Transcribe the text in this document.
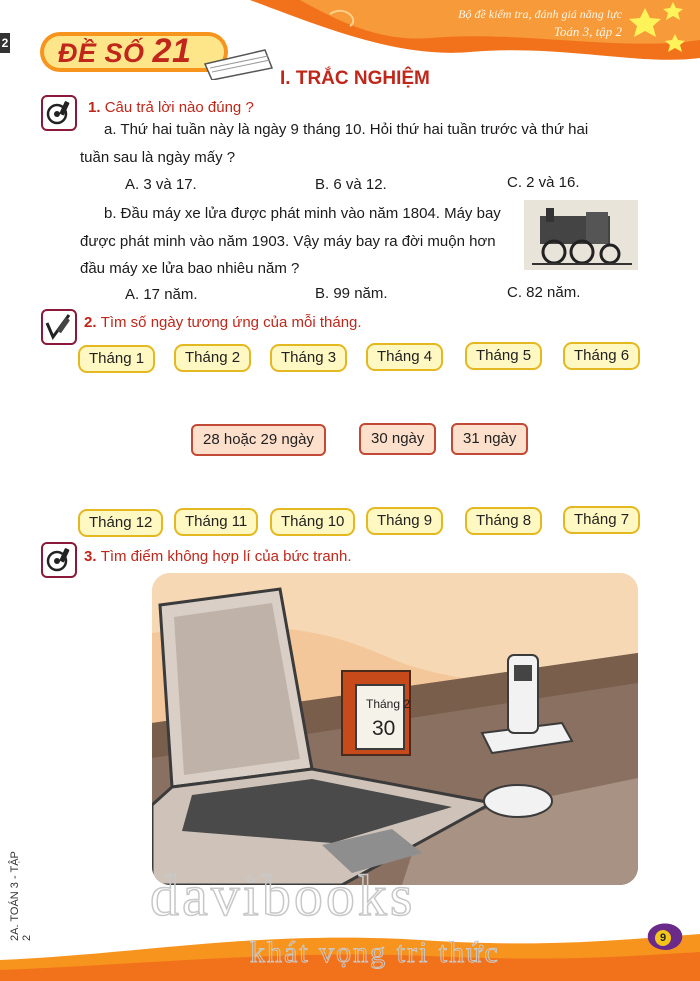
Bộ đề kiểm tra, đánh giá năng lực
Toán 3, tập 2
2 ĐỀ SỐ 21
I. TRẮC NGHIỆM
1. Câu trả lời nào đúng ?
a. Thứ hai tuần này là ngày 9 tháng 10. Hỏi thứ hai tuần trước và thứ hai
tuần sau là ngày mấy ?
A. 3 và 17.	B. 6 và 12.	C. 2 và 16.
b. Đầu máy xe lửa được phát minh vào năm 1804. Máy bay
được phát minh vào năm 1903. Vậy máy bay ra đời muộn hơn
đầu máy xe lửa bao nhiêu năm ?
A. 17 năm.	B. 99 năm.	C. 82 năm.
2. Tìm số ngày tương ứng của mỗi tháng.
Tháng 1	Tháng 2	Tháng 3	Tháng 4	Tháng 5	Tháng 6
28 hoặc 29 ngày	30 ngày	31 ngày
Tháng 12	Tháng 11	Tháng 10	Tháng 9	Tháng 8	Tháng 7
3. Tìm điểm không hợp lí của bức tranh.
Tháng 2
30
davibooks
khát vọng tri thức
2A. TOÁN 3 - TẬP 2	9
